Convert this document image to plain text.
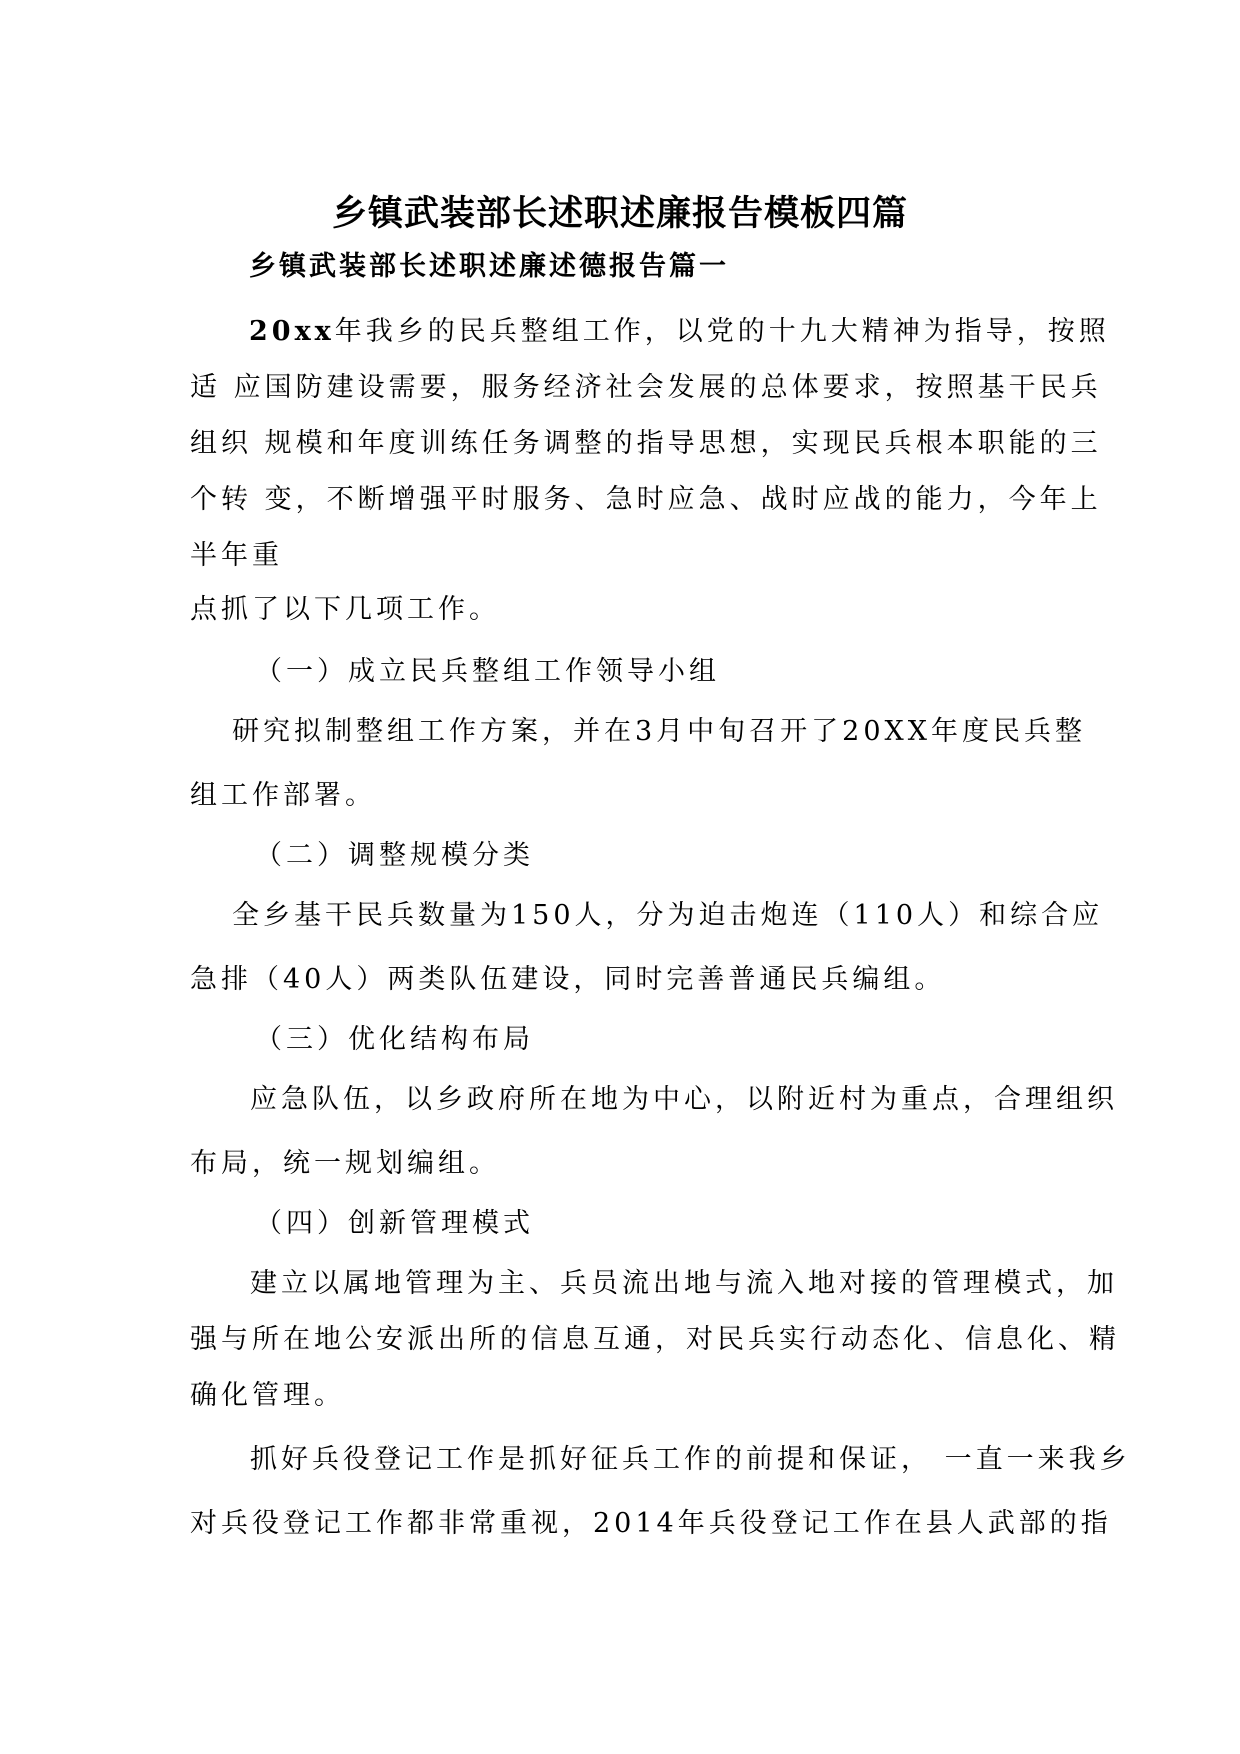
乡镇武装部长述职述廉报告模板四篇
乡镇武装部长述职述廉述德报告篇一
20xx年我乡的民兵整组工作，以党的十九大精神为指导，按照
适 应国防建设需要，服务经济社会发展的总体要求，按照基干民兵
组织 规模和年度训练任务调整的指导思想，实现民兵根本职能的三
个转 变，不断增强平时服务、急时应急、战时应战的能力，今年上
半年重
点抓了以下几项工作。
（一）成立民兵整组工作领导小组
研究拟制整组工作方案，并在3月中旬召开了20XX年度民兵整
组工作部署。
（二）调整规模分类
全乡基干民兵数量为150人，分为迫击炮连（110人）和综合应
急排（40人）两类队伍建设，同时完善普通民兵编组。
（三）优化结构布局
应急队伍，以乡政府所在地为中心，以附近村为重点，合理组织
布局，统一规划编组。
（四）创新管理模式
建立以属地管理为主、兵员流出地与流入地对接的管理模式，加
强与所在地公安派出所的信息互通，对民兵实行动态化、信息化、精
确化管理。
抓好兵役登记工作是抓好征兵工作的前提和保证， 一直一来我乡
对兵役登记工作都非常重视，2014年兵役登记工作在县人武部的指
